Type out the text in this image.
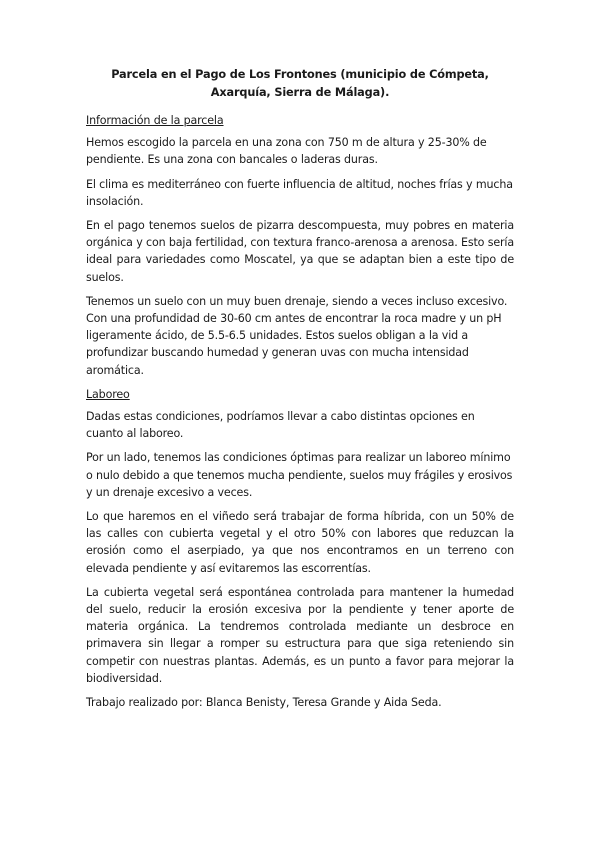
Parcela en el Pago de Los Frontones (municipio de Cómpeta, Axarquía, Sierra de Málaga).

Información de la parcela

Hemos escogido la parcela en una zona con 750 m de altura y 25-30% de pendiente. Es una zona con bancales o laderas duras.

El clima es mediterráneo con fuerte influencia de altitud, noches frías y mucha insolación.

En el pago tenemos suelos de pizarra descompuesta, muy pobres en materia orgánica y con baja fertilidad, con textura franco-arenosa a arenosa. Esto sería ideal para variedades como Moscatel, ya que se adaptan bien a este tipo de suelos.

Tenemos un suelo con un muy buen drenaje, siendo a veces incluso excesivo. Con una profundidad de 30-60 cm antes de encontrar la roca madre y un pH ligeramente ácido, de 5.5-6.5 unidades. Estos suelos obligan a la vid a profundizar buscando humedad y generan uvas con mucha intensidad aromática.

Laboreo

Dadas estas condiciones, podríamos llevar a cabo distintas opciones en cuanto al laboreo.

Por un lado, tenemos las condiciones óptimas para realizar un laboreo mínimo o nulo debido a que tenemos mucha pendiente, suelos muy frágiles y erosivos y un drenaje excesivo a veces.

Lo que haremos en el viñedo será trabajar de forma híbrida, con un 50% de las calles con cubierta vegetal y el otro 50% con labores que reduzcan la erosión como el aserpiado, ya que nos encontramos en un terreno con elevada pendiente y así evitaremos las escorrentías.

La cubierta vegetal será espontánea controlada para mantener la humedad del suelo, reducir la erosión excesiva por la pendiente y tener aporte de materia orgánica. La tendremos controlada mediante un desbroce en primavera sin llegar a romper su estructura para que siga reteniendo sin competir con nuestras plantas. Además, es un punto a favor para mejorar la biodiversidad.

Trabajo realizado por: Blanca Benisty, Teresa Grande y Aida Seda.
